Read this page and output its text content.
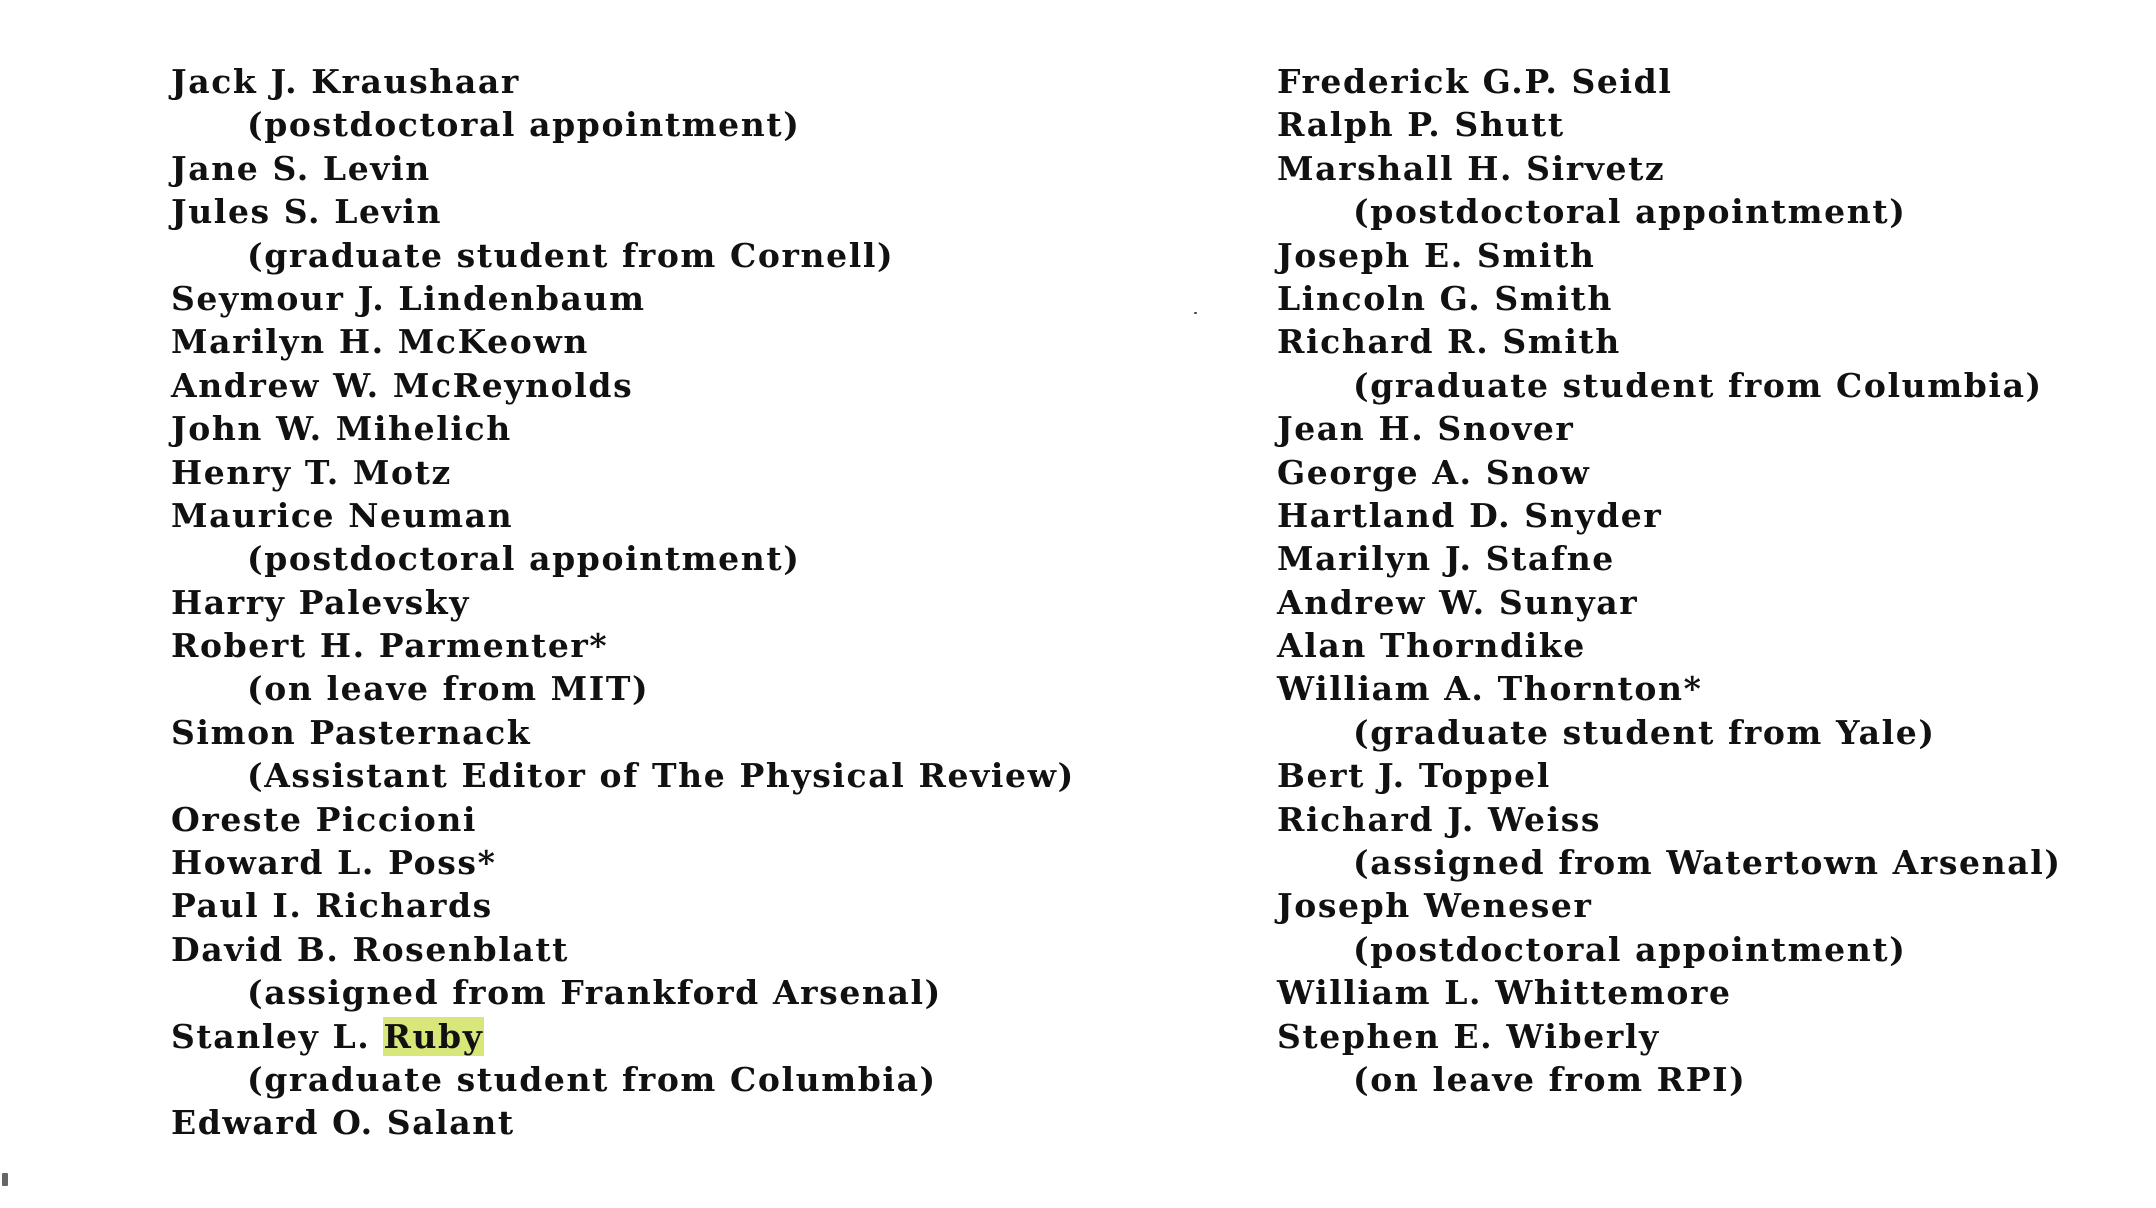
Jack J. Kraushaar
(postdoctoral appointment)
Jane S. Levin
Jules S. Levin
(graduate student from Cornell)
Seymour J. Lindenbaum
Marilyn H. McKeown
Andrew W. McReynolds
John W. Mihelich
Henry T. Motz
Maurice Neuman
(postdoctoral appointment)
Harry Palevsky
Robert H. Parmenter*
(on leave from MIT)
Simon Pasternack
(Assistant Editor of The Physical Review)
Oreste Piccioni
Howard L. Poss*
Paul I. Richards
David B. Rosenblatt
(assigned from Frankford Arsenal)
Stanley L. Ruby
(graduate student from Columbia)
Edward O. Salant
Frederick G.P. Seidl
Ralph P. Shutt
Marshall H. Sirvetz
(postdoctoral appointment)
Joseph E. Smith
Lincoln G. Smith
Richard R. Smith
(graduate student from Columbia)
Jean H. Snover
George A. Snow
Hartland D. Snyder
Marilyn J. Stafne
Andrew W. Sunyar
Alan Thorndike
William A. Thornton*
(graduate student from Yale)
Bert J. Toppel
Richard J. Weiss
(assigned from Watertown Arsenal)
Joseph Weneser
(postdoctoral appointment)
William L. Whittemore
Stephen E. Wiberly
(on leave from RPI)
